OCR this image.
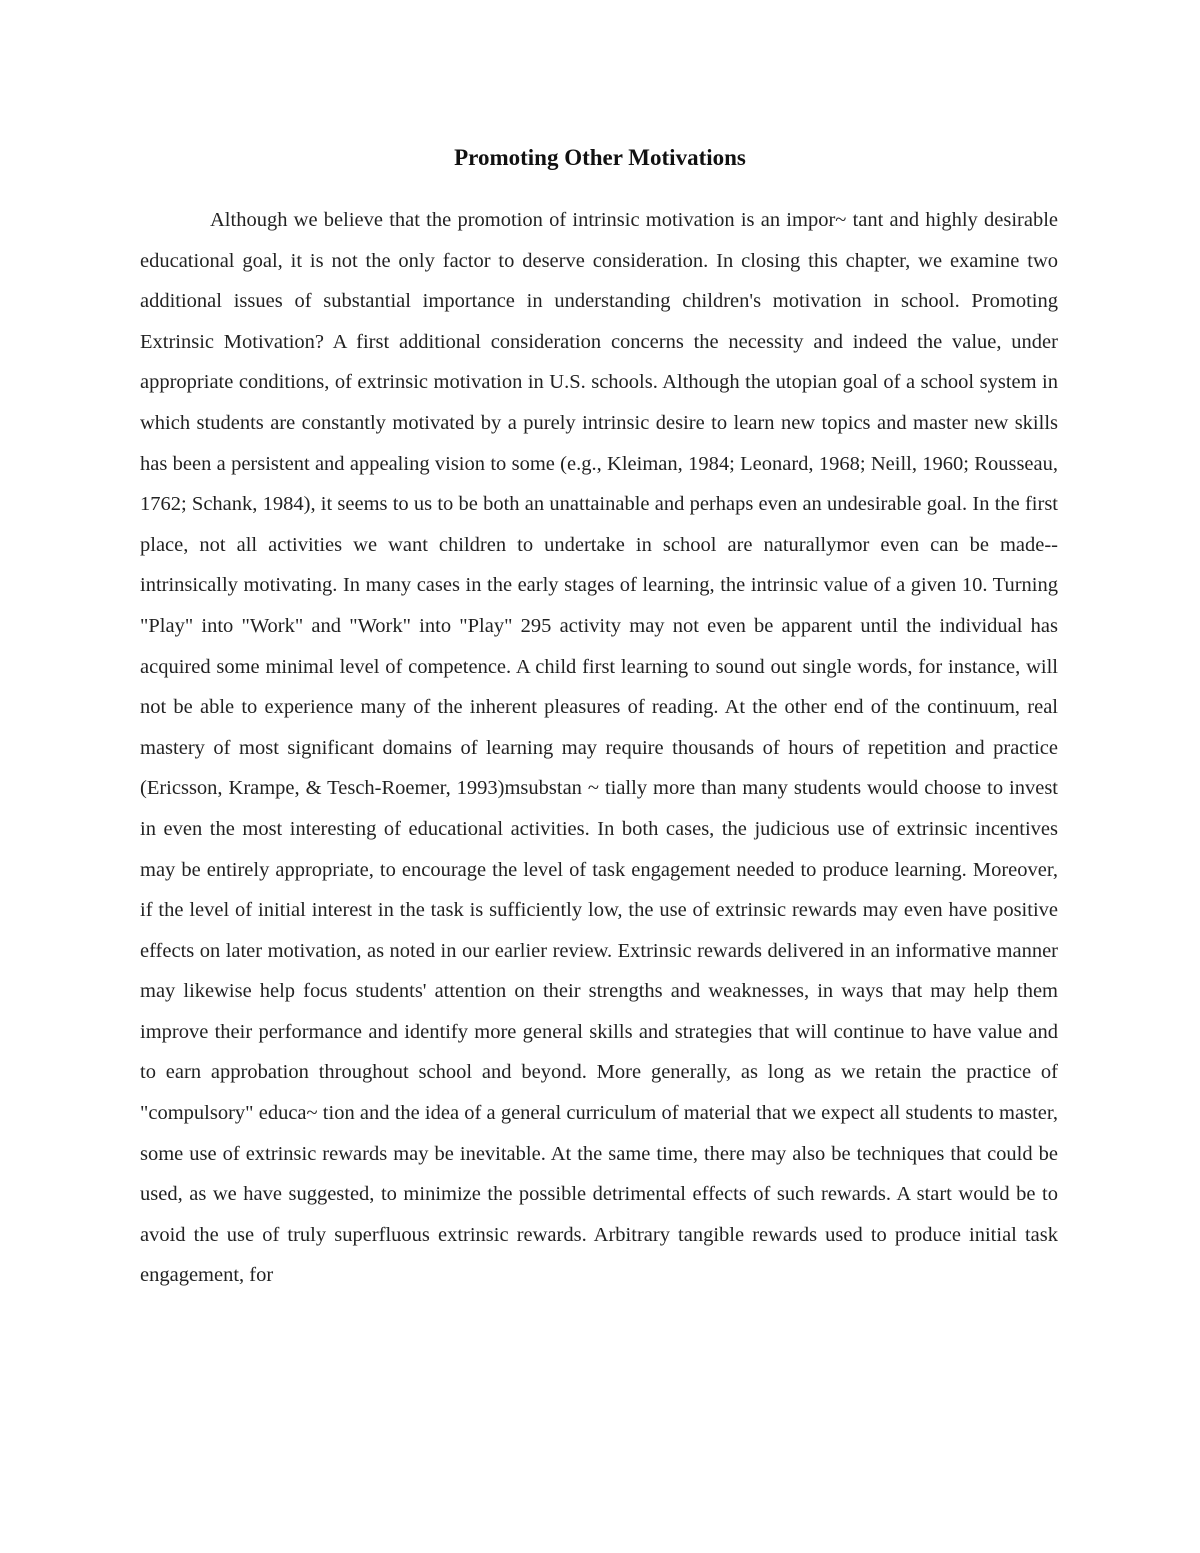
Promoting Other Motivations

Although we believe that the promotion of intrinsic motivation is an impor~ tant and highly desirable educational goal, it is not the only factor to deserve consideration. In closing this chapter, we examine two additional issues of substantial importance in understanding children's motivation in school. Promoting Extrinsic Motivation? A first additional consideration concerns the necessity and indeed the value, under appropriate conditions, of extrinsic motivation in U.S. schools. Although the utopian goal of a school system in which students are constantly motivated by a purely intrinsic desire to learn new topics and master new skills has been a persistent and appealing vision to some (e.g., Kleiman, 1984; Leonard, 1968; Neill, 1960; Rousseau, 1762; Schank, 1984), it seems to us to be both an unattainable and perhaps even an undesirable goal. In the first place, not all activities we want children to undertake in school are naturallymor even can be made--intrinsically motivating. In many cases in the early stages of learning, the intrinsic value of a given 10. Turning "Play" into "Work" and "Work" into "Play" 295 activity may not even be apparent until the individual has acquired some minimal level of competence. A child first learning to sound out single words, for instance, will not be able to experience many of the inherent pleasures of reading. At the other end of the continuum, real mastery of most significant domains of learning may require thousands of hours of repetition and practice (Ericsson, Krampe, & Tesch-Roemer, 1993)msubstan ~ tially more than many students would choose to invest in even the most interesting of educational activities. In both cases, the judicious use of extrinsic incentives may be entirely appropriate, to encourage the level of task engagement needed to produce learning. Moreover, if the level of initial interest in the task is sufficiently low, the use of extrinsic rewards may even have positive effects on later motivation, as noted in our earlier review. Extrinsic rewards delivered in an informative manner may likewise help focus students' attention on their strengths and weaknesses, in ways that may help them improve their performance and identify more general skills and strategies that will continue to have value and to earn approbation throughout school and beyond. More generally, as long as we retain the practice of "compulsory" educa~ tion and the idea of a general curriculum of material that we expect all students to master, some use of extrinsic rewards may be inevitable. At the same time, there may also be techniques that could be used, as we have suggested, to minimize the possible detrimental effects of such rewards. A start would be to avoid the use of truly superfluous extrinsic rewards. Arbitrary tangible rewards used to produce initial task engagement, for
